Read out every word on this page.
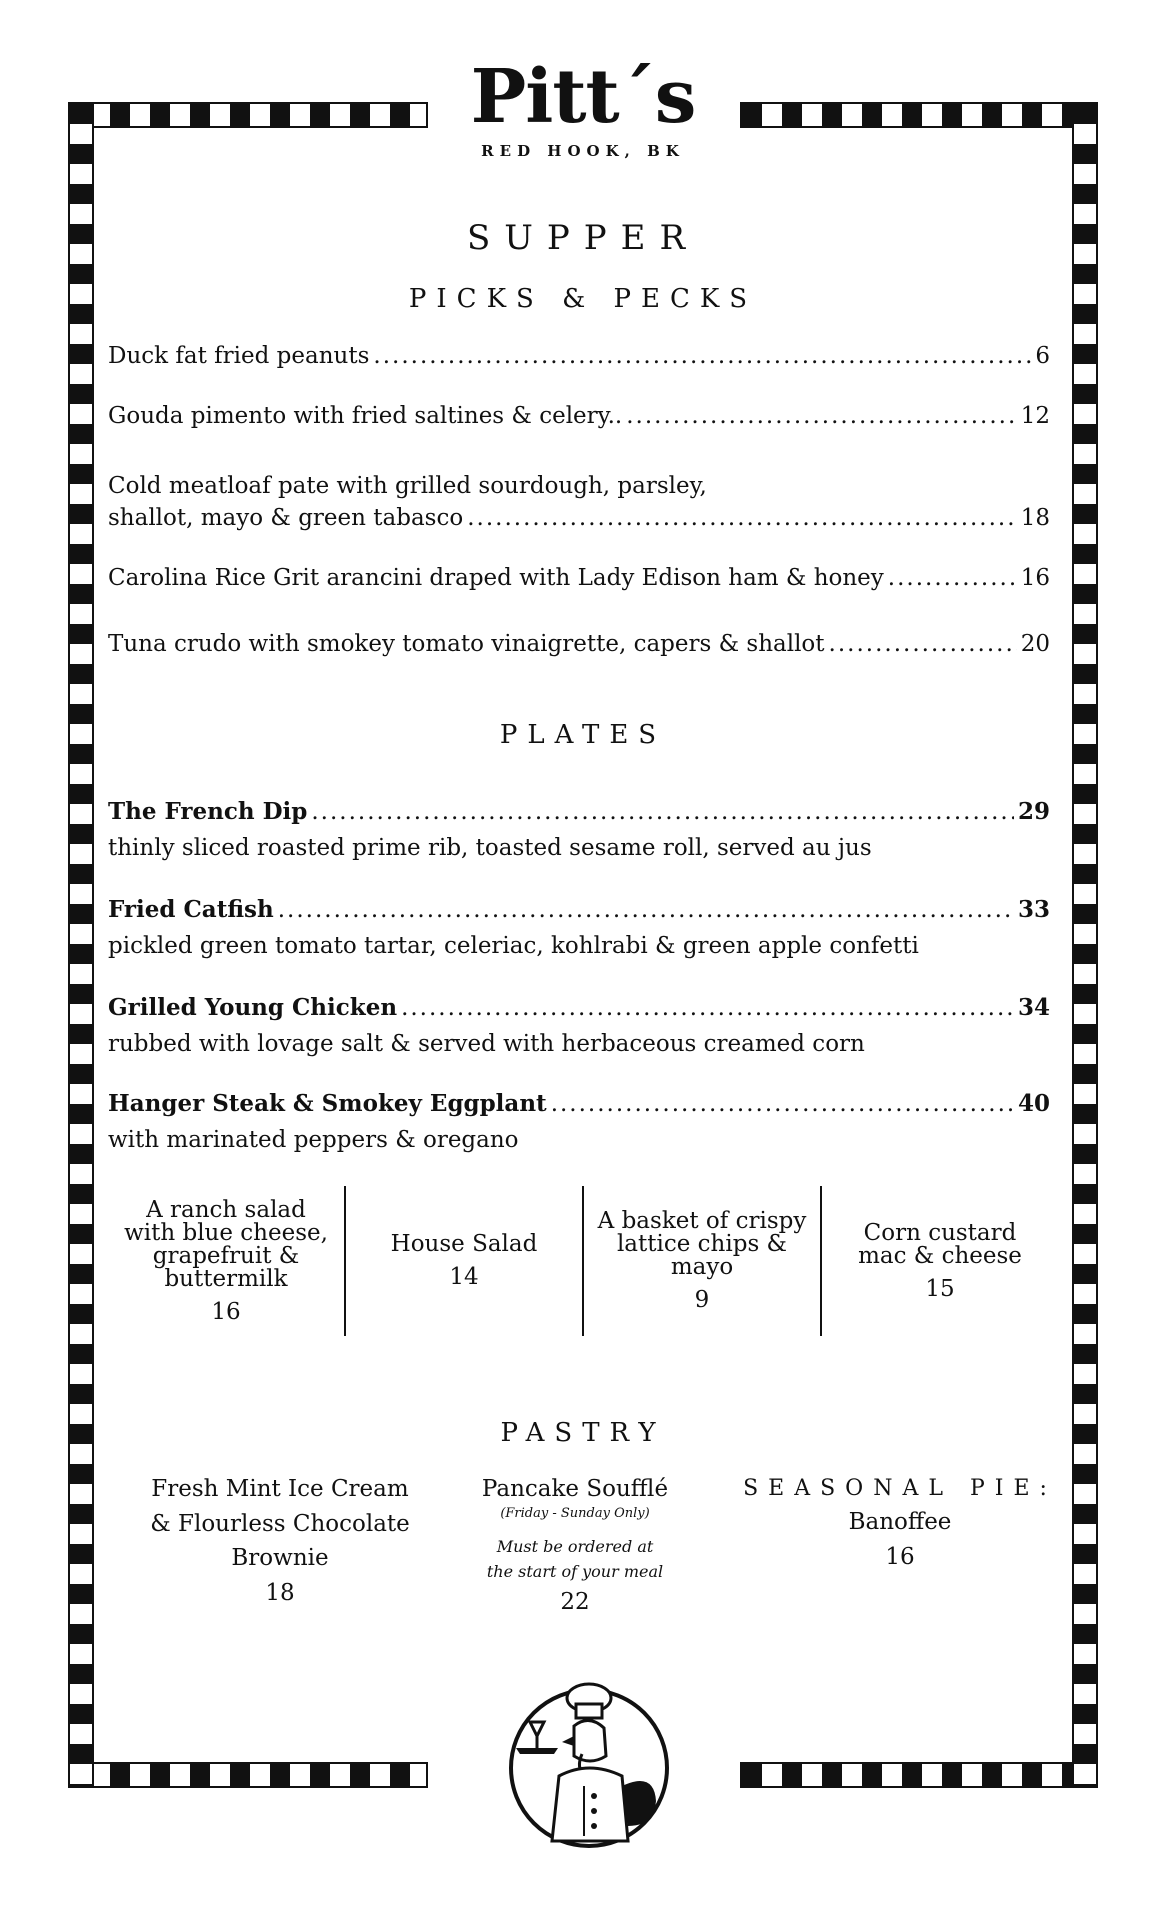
Pitt´s
RED HOOK, BK
SUPPER
PICKS & PECKS
Duck fat fried peanuts .....	6
Gouda pimento with fried saltines & celery.. .....	12
Cold meatloaf pate with grilled sourdough, parsley,
shallot, mayo & green tabasco .....	18
Carolina Rice Grit arancini draped with Lady Edison ham & honey .....	16
Tuna crudo with smokey tomato vinaigrette, capers & shallot .....	20
PLATES
The French Dip .....	29
thinly sliced roasted prime rib, toasted sesame roll, served au jus
Fried Catfish .....	33
pickled green tomato tartar, celeriac, kohlrabi & green apple confetti
Grilled Young Chicken .....	34
rubbed with lovage salt & served with herbaceous creamed corn
Hanger Steak & Smokey Eggplant .....	40
with marinated peppers & oregano
A ranch salad
with blue cheese,
grapefruit &
buttermilk
16
House Salad
14
A basket of crispy
lattice chips &
mayo
9
Corn custard
mac & cheese
15
PASTRY
Fresh Mint Ice Cream
& Flourless Chocolate
Brownie
18
Pancake Soufflé
(Friday - Sunday Only)
Must be ordered at
the start of your meal
22
SEASONAL PIE:
Banoffee
16
